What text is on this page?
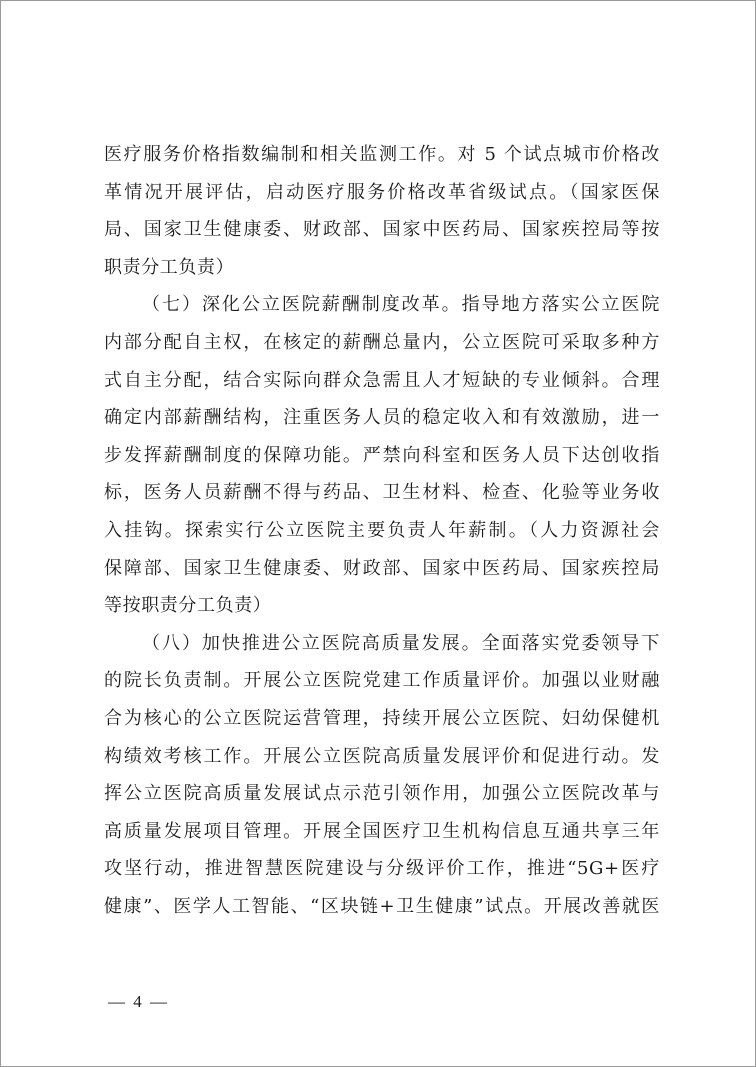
医疗服务价格指数编制和相关监测工作。对 5 个试点城市价格改
革情况开展评估，启动医疗服务价格改革省级试点。（国家医保
局、国家卫生健康委、财政部、国家中医药局、国家疾控局等按
职责分工负责）
（七）深化公立医院薪酬制度改革。指导地方落实公立医院
内部分配自主权，在核定的薪酬总量内，公立医院可采取多种方
式自主分配，结合实际向群众急需且人才短缺的专业倾斜。合理
确定内部薪酬结构，注重医务人员的稳定收入和有效激励，进一
步发挥薪酬制度的保障功能。严禁向科室和医务人员下达创收指
标，医务人员薪酬不得与药品、卫生材料、检查、化验等业务收
入挂钩。探索实行公立医院主要负责人年薪制。（人力资源社会
保障部、国家卫生健康委、财政部、国家中医药局、国家疾控局
等按职责分工负责）
（八）加快推进公立医院高质量发展。全面落实党委领导下
的院长负责制。开展公立医院党建工作质量评价。加强以业财融
合为核心的公立医院运营管理，持续开展公立医院、妇幼保健机
构绩效考核工作。开展公立医院高质量发展评价和促进行动。发
挥公立医院高质量发展试点示范引领作用，加强公立医院改革与
高质量发展项目管理。开展全国医疗卫生机构信息互通共享三年
攻坚行动，推进智慧医院建设与分级评价工作，推进“5G+医疗
健康”、医学人工智能、“区块链+卫生健康”试点。开展改善就医
— 4 —
